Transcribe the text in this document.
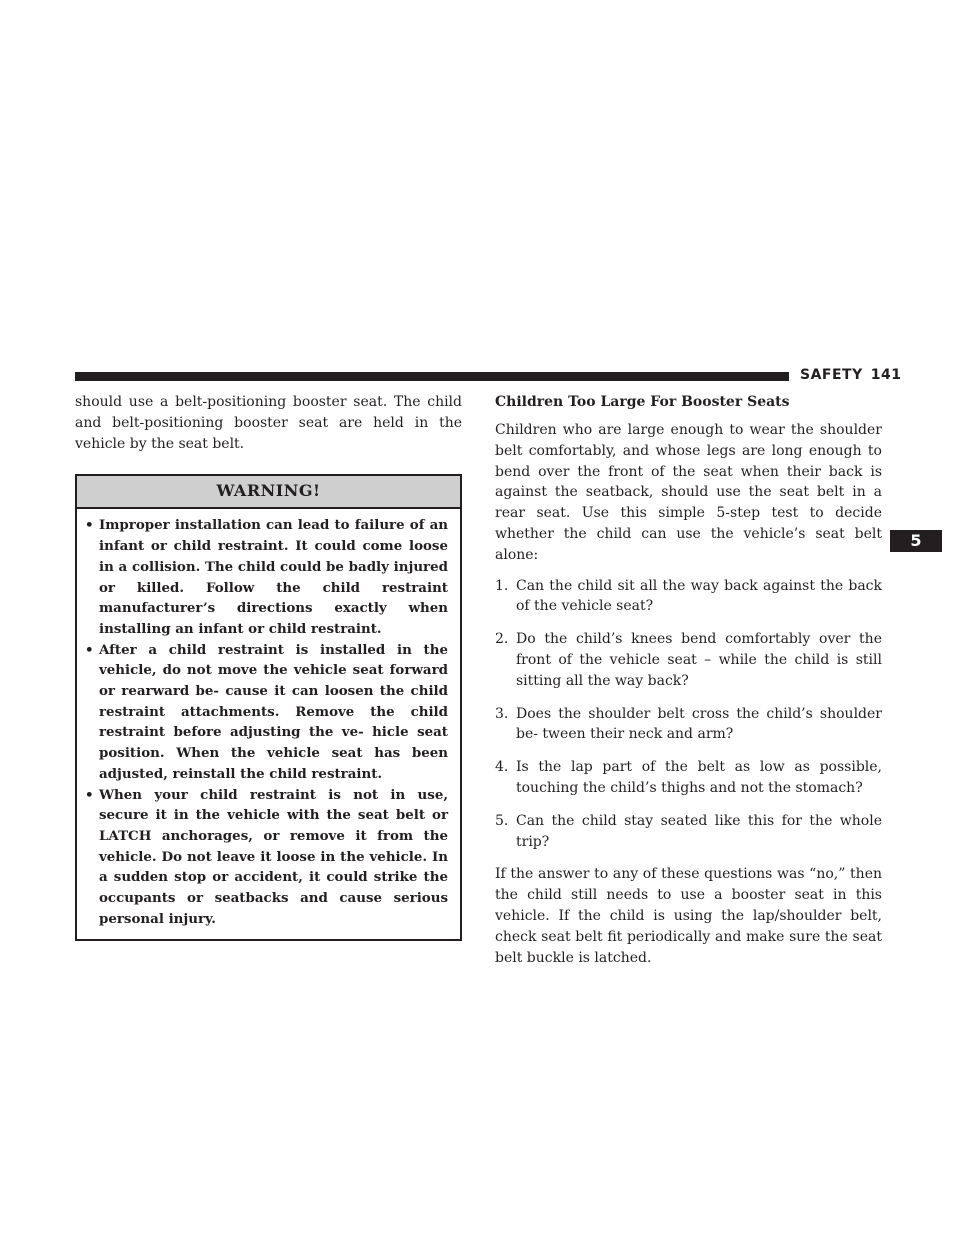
SAFETY 141
5

should use a belt-positioning booster seat. The child and belt-positioning booster seat are held in the vehicle by the seat belt.

WARNING!
• Improper installation can lead to failure of an infant or child restraint. It could come loose in a collision. The child could be badly injured or killed. Follow the child restraint manufacturer’s directions exactly when installing an infant or child restraint.
• After a child restraint is installed in the vehicle, do not move the vehicle seat forward or rearward be- cause it can loosen the child restraint attachments. Remove the child restraint before adjusting the ve- hicle seat position. When the vehicle seat has been adjusted, reinstall the child restraint.
• When your child restraint is not in use, secure it in the vehicle with the seat belt or LATCH anchorages, or remove it from the vehicle. Do not leave it loose in the vehicle. In a sudden stop or accident, it could strike the occupants or seatbacks and cause serious personal injury.
Children Too Large For Booster Seats

Children who are large enough to wear the shoulder belt comfortably, and whose legs are long enough to bend over the front of the seat when their back is against the seatback, should use the seat belt in a rear seat. Use this simple 5-step test to decide whether the child can use the vehicle’s seat belt alone:

1. Can the child sit all the way back against the back of the vehicle seat?
2. Do the child’s knees bend comfortably over the front of the vehicle seat – while the child is still sitting all the way back?
3. Does the shoulder belt cross the child’s shoulder be- tween their neck and arm?
4. Is the lap part of the belt as low as possible, touching the child’s thighs and not the stomach?
5. Can the child stay seated like this for the whole trip?

If the answer to any of these questions was “no,” then the child still needs to use a booster seat in this vehicle. If the child is using the lap/shoulder belt, check seat belt fit periodically and make sure the seat belt buckle is latched.
